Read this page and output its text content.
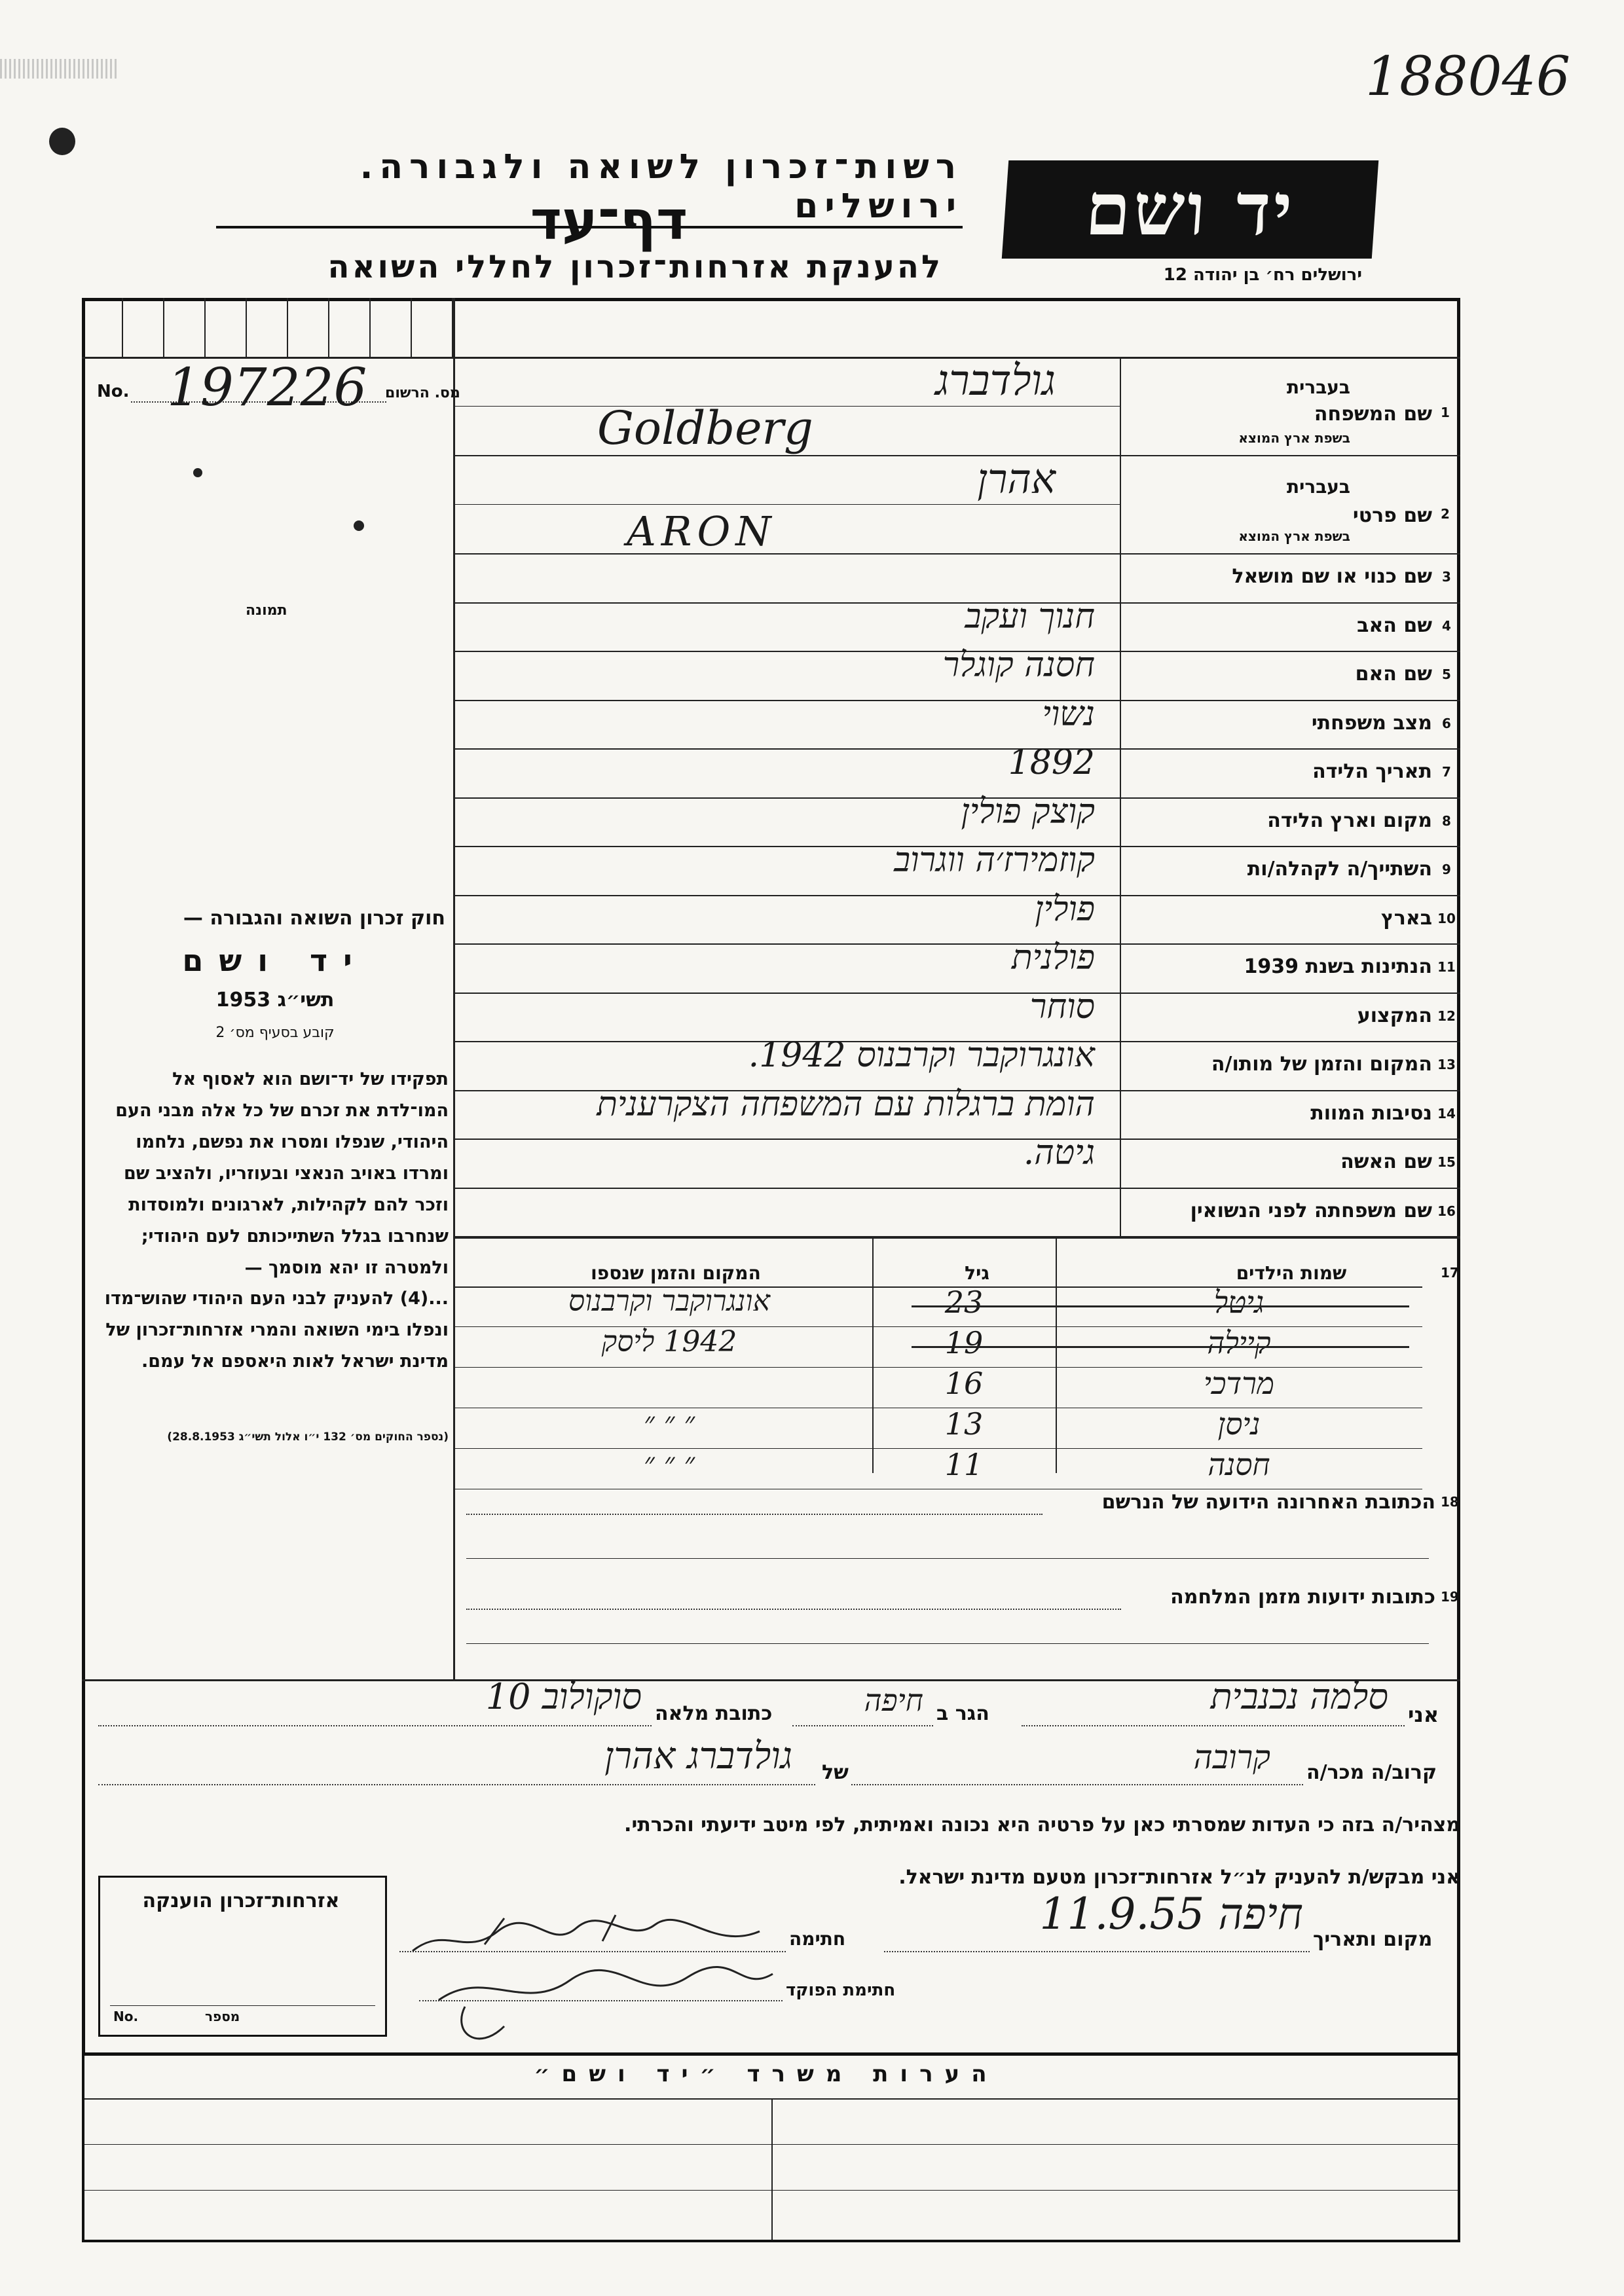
188046
רשות־זכרון לשואה ולגבורה. ירושלים
דף־עד
להענקת אזרחות־זכרון לחללי השואה
יד ושם
ירושלים רח׳ בן יהודה 12
No. 197226 מס. הרשום
תמונה
חוק זכרון השואה והגבורה —
יד ושם
תשי״ג 1953
קובע בסעיף מס׳ 2
תפקידו של יד־ושם הוא לאסוף אל המו־לדת את זכרם של כל אלה מבני העם היהודי, שנפלו ומסרו את נפשם, נלחמו ומרדו באויב הנאצי ובעוזריו, ולהציב שם וזכר להם לקהילות, לארגונים ולמוסדות שנחרבו בגלל השתייכותם לעם היהודי; ולמטרה זו יהא מוסמך —
...(4) להעניק לבני העם היהודי שהוש־מדו ונפלו בימי השואה והמרי אזרחות־זכרון של מדינת ישראל לאות היאספם אל עמם.
(נספר החוקים מס׳ 132 י״ו אלול תשי״ג 28.8.1953)
1
שם המשפחה
בעברית
בשפת ארץ המוצא
גולדברג
Goldberg
2
שם פרטי
בעברית
בשפת ארץ המוצא
אהרן
ARON
3
שם כנוי או שם מושאל
4
שם האב
חנוך ועקב
5
שם האם
חסנה קוגלר
6
מצב משפחתי
נשוי
7
תאריך הלידה
1892
8
מקום וארץ הלידה
קוצק פולין
9
השתייך/ה לקהלה/ות
קוזמירז׳ה ווגרוב
10
בארץ
פולין
11
הנתינות בשנת 1939
פולנית
12
המקצוע
סוחר
13
המקום והזמן של מותו/ה
אונגרוקבר וקרבנוס 1942.
14
נסיבות המוות
הומת ברגלות עם המשפחה הצקרענית
15
שם האשה
גיטה.
16
שם משפחתה לפני הנשואין
17
שמות הילדים
גיל
המקום והזמן שנספו
גיטל
23
אונגרוקבר וקרבנוס
קיילה
19
1942 ליסק
מרדכי
16
ניסן
13
״ ״ ״
חסנה
11
״ ״ ״
18
הכתובת האחרונה הידועה של הנרשם
19
כתובות ידועות מזמן המלחמה
אני
סלמה נכנבית
הגר ב
חיפה
כתובת מלאה
סוקולוב 10
קרוב/ה מכר/ה
קרובה
של
גולדברג אהרן
מצהיר/ה בזה כי העדות שמסרתי כאן על פרטיה היא נכונה ואמיתית, לפי מיטב ידיעתי והכרתי.
אני מבקש/ת להעניק לנ״ל אזרחות־זכרון מטעם מדינת ישראל.
אזרחות־זכרון הוענקה
No.	מספר
מקום ותאריך
חיפה 11.9.55
חתימה
חתימת הפוקד
הערות משרד ״יד ושם״
